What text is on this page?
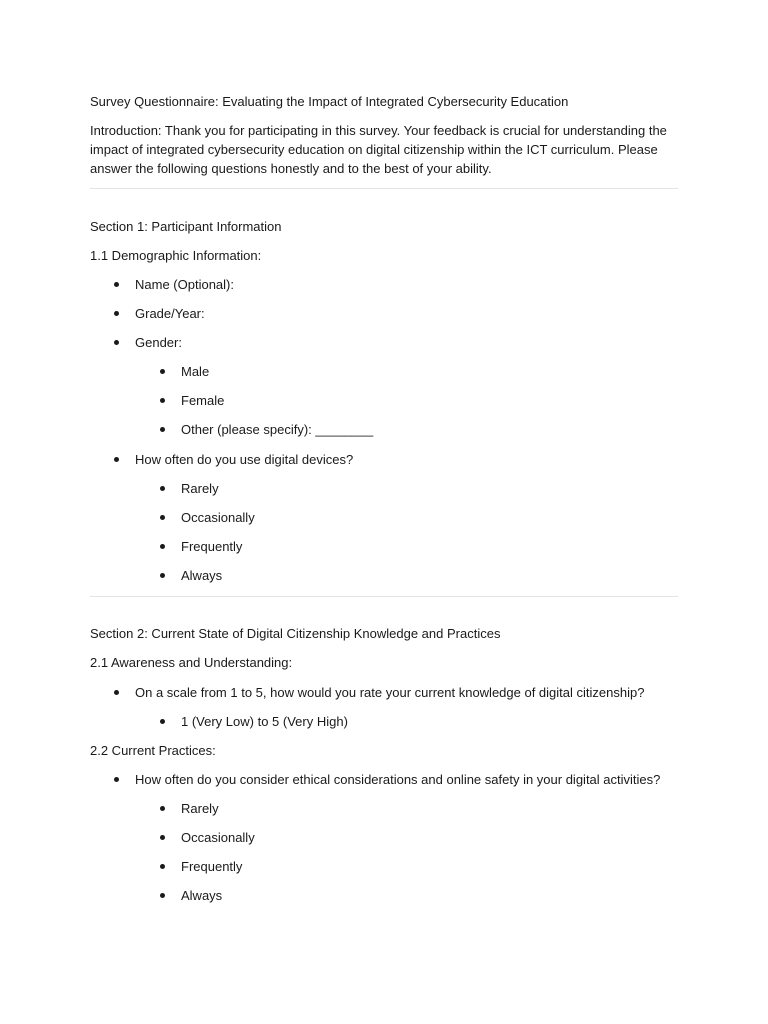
Survey Questionnaire: Evaluating the Impact of Integrated Cybersecurity Education
Introduction: Thank you for participating in this survey. Your feedback is crucial for understanding the impact of integrated cybersecurity education on digital citizenship within the ICT curriculum. Please answer the following questions honestly and to the best of your ability.
Section 1: Participant Information
1.1 Demographic Information:
Name (Optional):
Grade/Year:
Gender:
Male
Female
Other (please specify): ________
How often do you use digital devices?
Rarely
Occasionally
Frequently
Always
Section 2: Current State of Digital Citizenship Knowledge and Practices
2.1 Awareness and Understanding:
On a scale from 1 to 5, how would you rate your current knowledge of digital citizenship?
1 (Very Low) to 5 (Very High)
2.2 Current Practices:
How often do you consider ethical considerations and online safety in your digital activities?
Rarely
Occasionally
Frequently
Always
